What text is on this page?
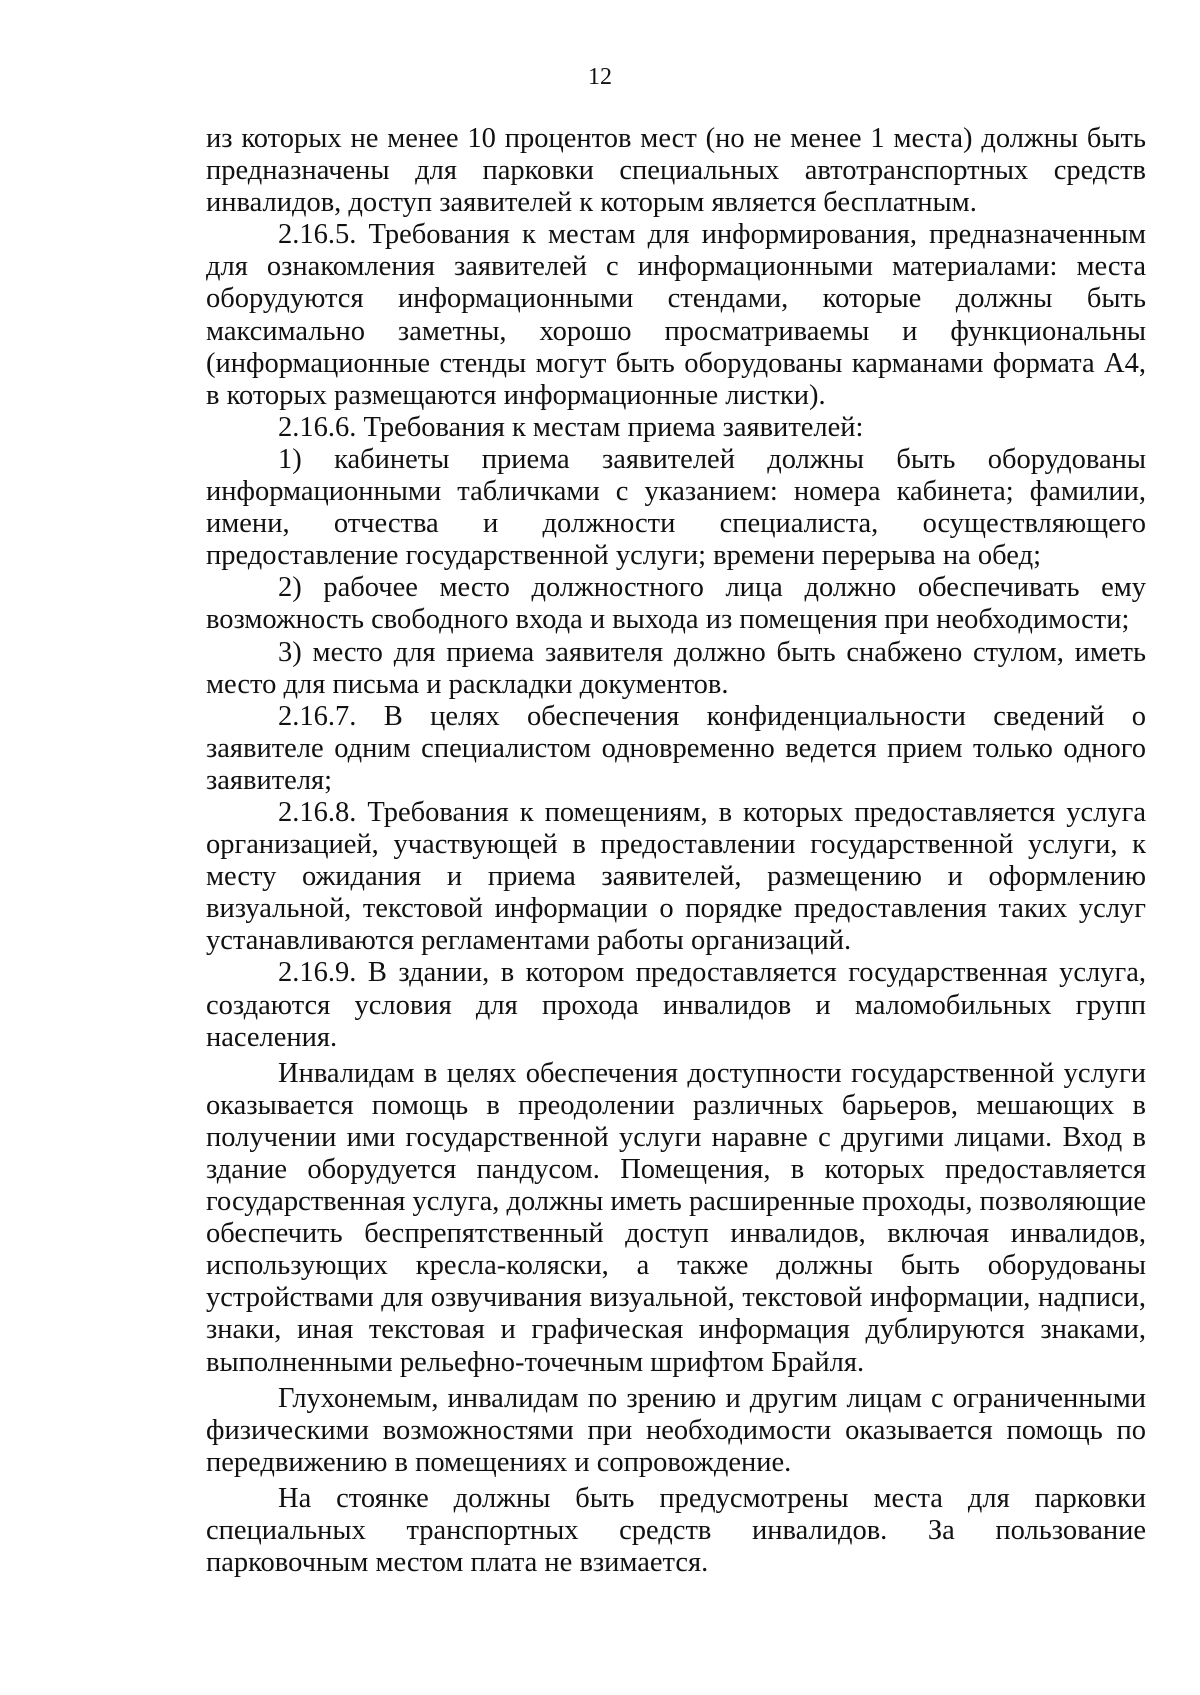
12

из которых не менее 10 процентов мест (но не менее 1 места) должны быть предназначены для парковки специальных автотранспортных средств инвалидов, доступ заявителей к которым является бесплатным.

2.16.5. Требования к местам для информирования, предназначенным для ознакомления заявителей с информационными материалами: места оборудуются информационными стендами, которые должны быть максимально заметны, хорошо просматриваемы и функциональны (информационные стенды могут быть оборудованы карманами формата А4, в которых размещаются информационные листки).

2.16.6. Требования к местам приема заявителей:

1) кабинеты приема заявителей должны быть оборудованы информационными табличками с указанием: номера кабинета; фамилии, имени, отчества и должности специалиста, осуществляющего предоставление государственной услуги; времени перерыва на обед;

2) рабочее место должностного лица должно обеспечивать ему возможность свободного входа и выхода из помещения при необходимости;

3) место для приема заявителя должно быть снабжено стулом, иметь место для письма и раскладки документов.

2.16.7. В целях обеспечения конфиденциальности сведений о заявителе одним специалистом одновременно ведется прием только одного заявителя;

2.16.8. Требования к помещениям, в которых предоставляется услуга организацией, участвующей в предоставлении государственной услуги, к месту ожидания и приема заявителей, размещению и оформлению визуальной, текстовой информации о порядке предоставления таких услуг устанавливаются регламентами работы организаций.

2.16.9. В здании, в котором предоставляется государственная услуга, создаются условия для прохода инвалидов и маломобильных групп населения.

Инвалидам в целях обеспечения доступности государственной услуги оказывается помощь в преодолении различных барьеров, мешающих в получении ими государственной услуги наравне с другими лицами. Вход в здание оборудуется пандусом. Помещения, в которых предоставляется государственная услуга, должны иметь расширенные проходы, позволяющие обеспечить беспрепятственный доступ инвалидов, включая инвалидов, использующих кресла-коляски, а также должны быть оборудованы устройствами для озвучивания визуальной, текстовой информации, надписи, знаки, иная текстовая и графическая информация дублируются знаками, выполненными рельефно-точечным шрифтом Брайля.

Глухонемым, инвалидам по зрению и другим лицам с ограниченными физическими возможностями при необходимости оказывается помощь по передвижению в помещениях и сопровождение.

На стоянке должны быть предусмотрены места для парковки специальных транспортных средств инвалидов. За пользование парковочным местом плата не взимается.
